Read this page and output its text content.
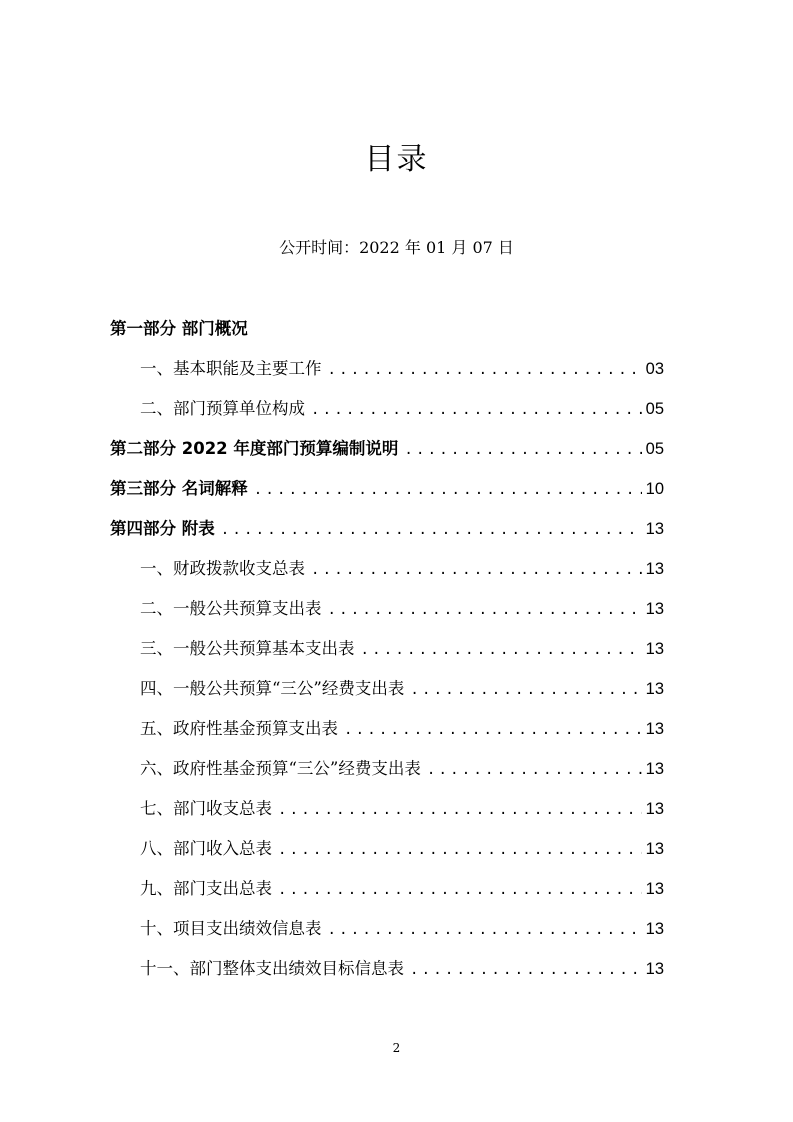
目录
公开时间：2022 年 01 月 07 日
第一部分 部门概况
一、基本职能及主要工作 .....	03
二、部门预算单位构成 .....	05
第二部分 2022 年度部门预算编制说明 .....	05
第三部分 名词解释 .....	10
第四部分 附表 .....	13
一、财政拨款收支总表 .....	13
二、一般公共预算支出表 .....	13
三、一般公共预算基本支出表 .....	13
四、一般公共预算“三公”经费支出表 .....	13
五、政府性基金预算支出表 .....	13
六、政府性基金预算“三公”经费支出表 .....	13
七、部门收支总表 .....	13
八、部门收入总表 .....	13
九、部门支出总表 .....	13
十、项目支出绩效信息表 .....	13
十一、部门整体支出绩效目标信息表 .....	13
2
